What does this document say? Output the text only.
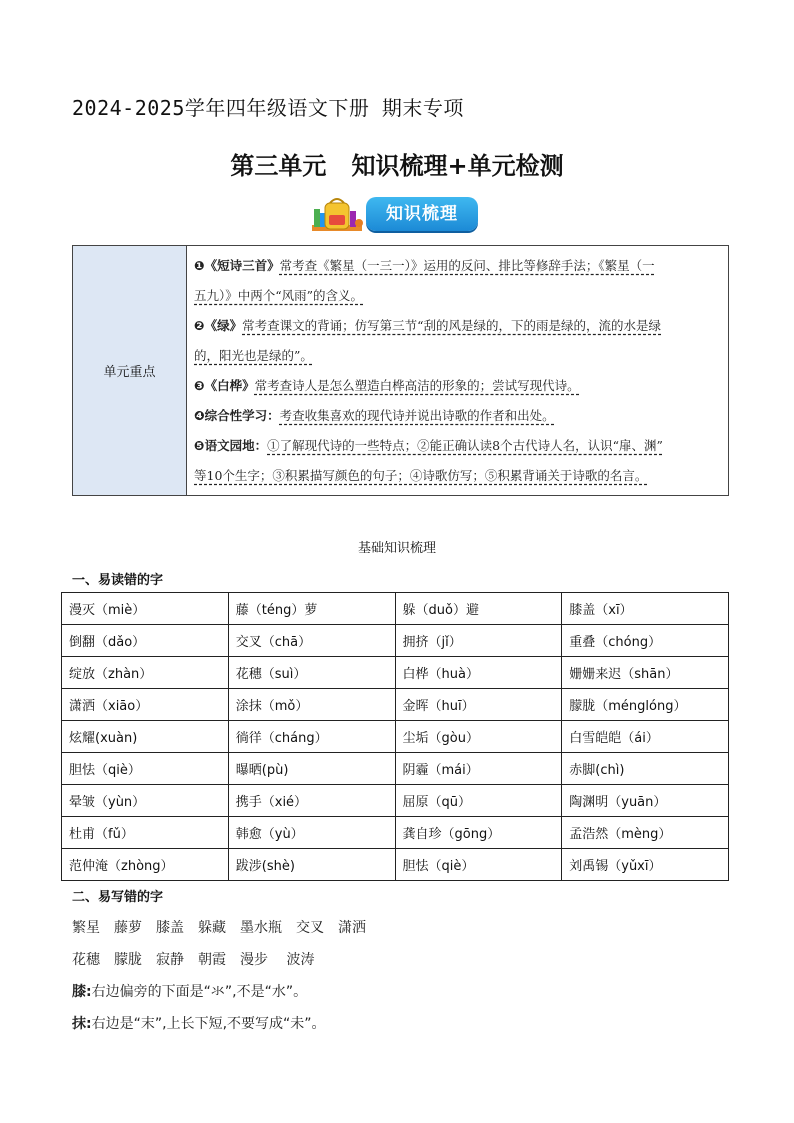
2024-2025学年四年级语文下册 期末专项
第三单元   知识梳理+单元检测
知识梳理
单元重点	
❶《短诗三首》常考查《繁星（一三一）》运用的反问、排比等修辞手法；《繁星（一
五九）》中两个“风雨”的含义。
❷《绿》常考查课文的背诵；仿写第三节“刮的风是绿的，下的雨是绿的，流的水是绿
的，阳光也是绿的”。
❸《白桦》常考查诗人是怎么塑造白桦高洁的形象的；尝试写现代诗。
❹综合性学习：考查收集喜欢的现代诗并说出诗歌的作者和出处。
❺语文园地：①了解现代诗的一些特点；②能正确认读8个古代诗人名，认识“扉、渊”
等10个生字；③积累描写颜色的句子；④诗歌仿写；⑤积累背诵关于诗歌的名言。
基础知识梳理
一、易读错的字
漫灭（miè）	藤（téng）萝	躲（duǒ）避	膝盖（xī）
倒翻（dǎo）	交叉（chā）	拥挤（jǐ）	重叠（chóng）
绽放（zhàn）	花穗（suì）	白桦（huà）	姗姗来迟（shān）
潇洒（xiāo）	涂抹（mǒ）	金晖（huī）	朦胧（ménglóng）
炫耀(xuàn)	徜徉（cháng）	尘垢（gòu）	白雪皑皑（ái）
胆怯（qiè）	曝晒(pù)	阴霾（mái）	赤脚(chì)
晕皱（yùn）	携手（xié）	屈原（qū）	陶渊明（yuān）
杜甫（fǔ）	韩愈（yù）	龚自珍（gōng）	孟浩然（mèng）
范仲淹（zhòng）	跋涉(shè)	胆怯（qiè）	刘禹锡（yǔxī）
二、易写错的字
繁星 藤萝 膝盖 躲藏 墨水瓶 交叉 潇洒
花穗 朦胧 寂静 朝霞 漫步 波涛
膝:右边偏旁的下面是“氺”,不是“水”。
抹:右边是“末”,上长下短,不要写成“未”。
